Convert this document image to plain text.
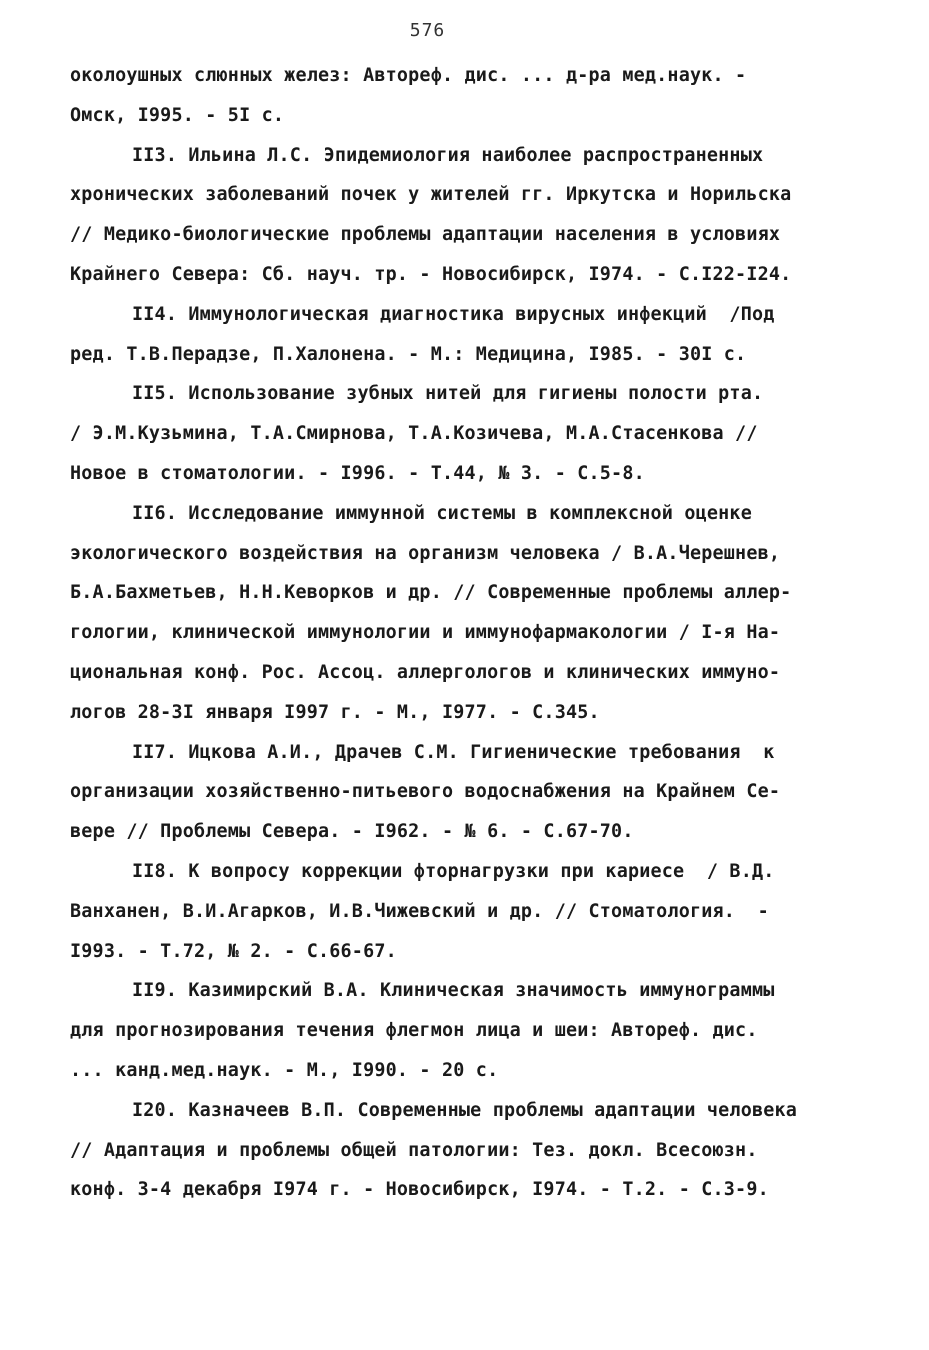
576
околоушных слюнных желез: Автореф. дис. ... д-ра мед.наук. -
Омск, I995. - 5I с.
II3. Ильина Л.С. Эпидемиология наиболее распространенных
хронических заболеваний почек у жителей гг. Иркутска и Норильска
// Медико-биологические проблемы адаптации населения в условиях
Крайнего Севера: Сб. науч. тр. - Новосибирск, I974. - С.I22-I24.
II4. Иммунологическая диагностика вирусных инфекций  /Под
ред. Т.В.Перадзе, П.Халонена. - М.: Медицина, I985. - 30I с.
II5. Использование зубных нитей для гигиены полости рта.
/ Э.М.Кузьмина, Т.А.Смирнова, Т.А.Козичева, М.А.Стасенкова //
Новое в стоматологии. - I996. - Т.44, № 3. - С.5-8.
II6. Исследование иммунной системы в комплексной оценке
экологического воздействия на организм человека / В.А.Черешнев,
Б.А.Бахметьев, Н.Н.Кеворков и др. // Современные проблемы аллер-
гологии, клинической иммунологии и иммунофармакологии / I-я На-
циональная конф. Рос. Ассоц. аллергологов и клинических иммуно-
логов 28-3I января I997 г. - М., I977. - С.345.
II7. Ицкова А.И., Драчев С.М. Гигиенические требования  к
организации хозяйственно-питьевого водоснабжения на Крайнем Се-
вере // Проблемы Севера. - I962. - № 6. - С.67-70.
II8. К вопросу коррекции фторнагрузки при кариесе  / В.Д.
Ванханен, В.И.Агарков, И.В.Чижевский и др. // Стоматология.  -
I993. - Т.72, № 2. - С.66-67.
II9. Казимирский В.А. Клиническая значимость иммунограммы
для прогнозирования течения флегмон лица и шеи: Автореф. дис.
... канд.мед.наук. - М., I990. - 20 с.
I20. Казначеев В.П. Современные проблемы адаптации человека
// Адаптация и проблемы общей патологии: Тез. докл. Всесоюзн.
конф. 3-4 декабря I974 г. - Новосибирск, I974. - Т.2. - С.3-9.
